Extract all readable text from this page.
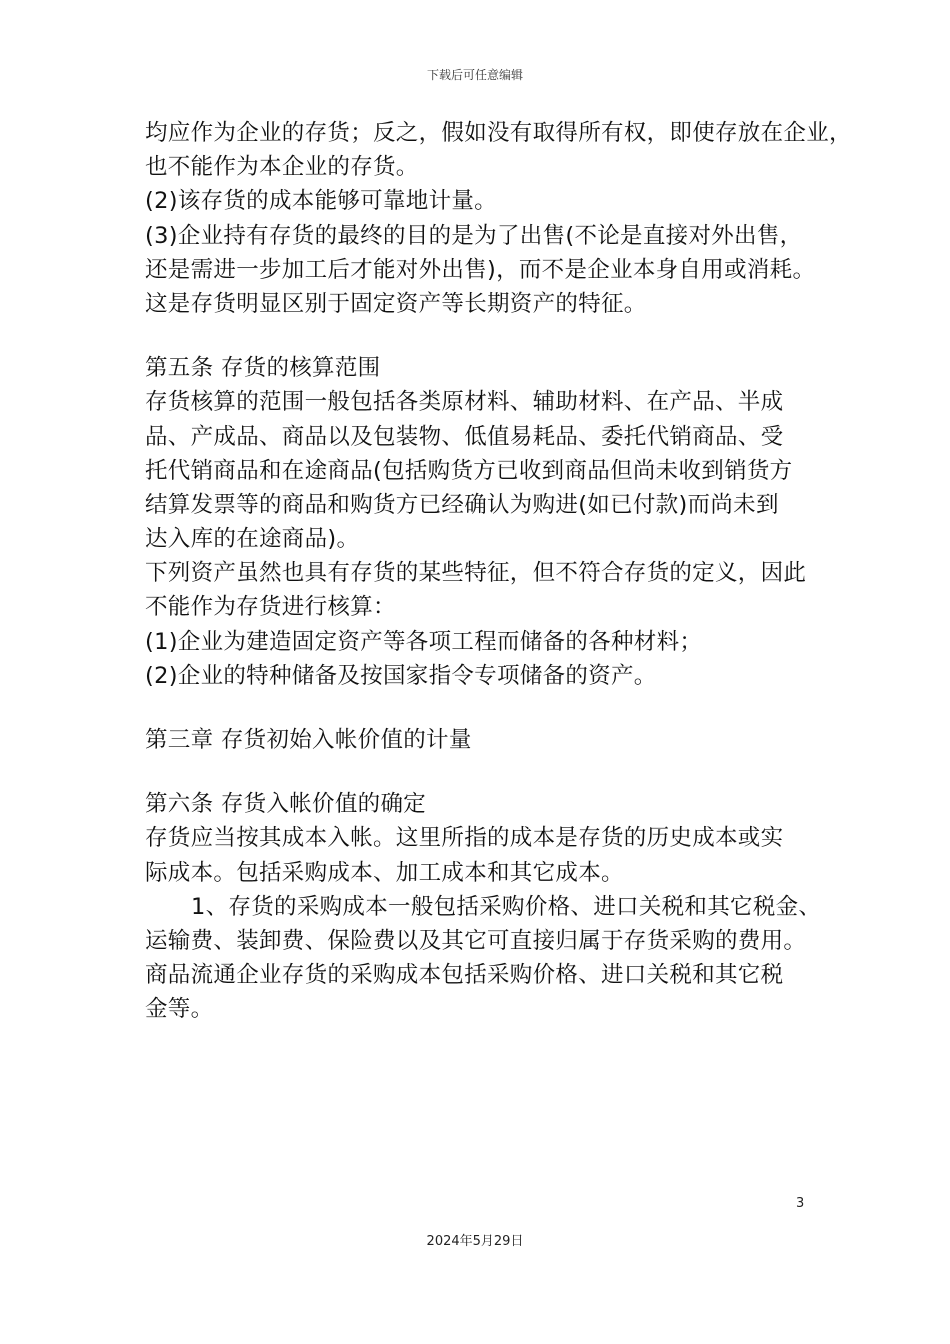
下载后可任意编辑
均应作为企业的存货；反之，假如没有取得所有权，即使存放在企业，
也不能作为本企业的存货。
(2)该存货的成本能够可靠地计量。
(3)企业持有存货的最终的目的是为了出售(不论是直接对外出售，
还是需进一步加工后才能对外出售)，而不是企业本身自用或消耗。
这是存货明显区别于固定资产等长期资产的特征。
第五条 存货的核算范围
存货核算的范围一般包括各类原材料、辅助材料、在产品、半成
品、产成品、商品以及包装物、低值易耗品、委托代销商品、受
托代销商品和在途商品(包括购货方已收到商品但尚未收到销货方
结算发票等的商品和购货方已经确认为购进(如已付款)而尚未到
达入库的在途商品)。
下列资产虽然也具有存货的某些特征，但不符合存货的定义，因此
不能作为存货进行核算：
(1)企业为建造固定资产等各项工程而储备的各种材料；
(2)企业的特种储备及按国家指令专项储备的资产。
第三章 存货初始入帐价值的计量
第六条 存货入帐价值的确定
存货应当按其成本入帐。这里所指的成本是存货的历史成本或实
际成本。包括采购成本、加工成本和其它成本。
1、存货的采购成本一般包括采购价格、进口关税和其它税金、
运输费、装卸费、保险费以及其它可直接归属于存货采购的费用。
商品流通企业存货的采购成本包括采购价格、进口关税和其它税
金等。
3
2024年5月29日
